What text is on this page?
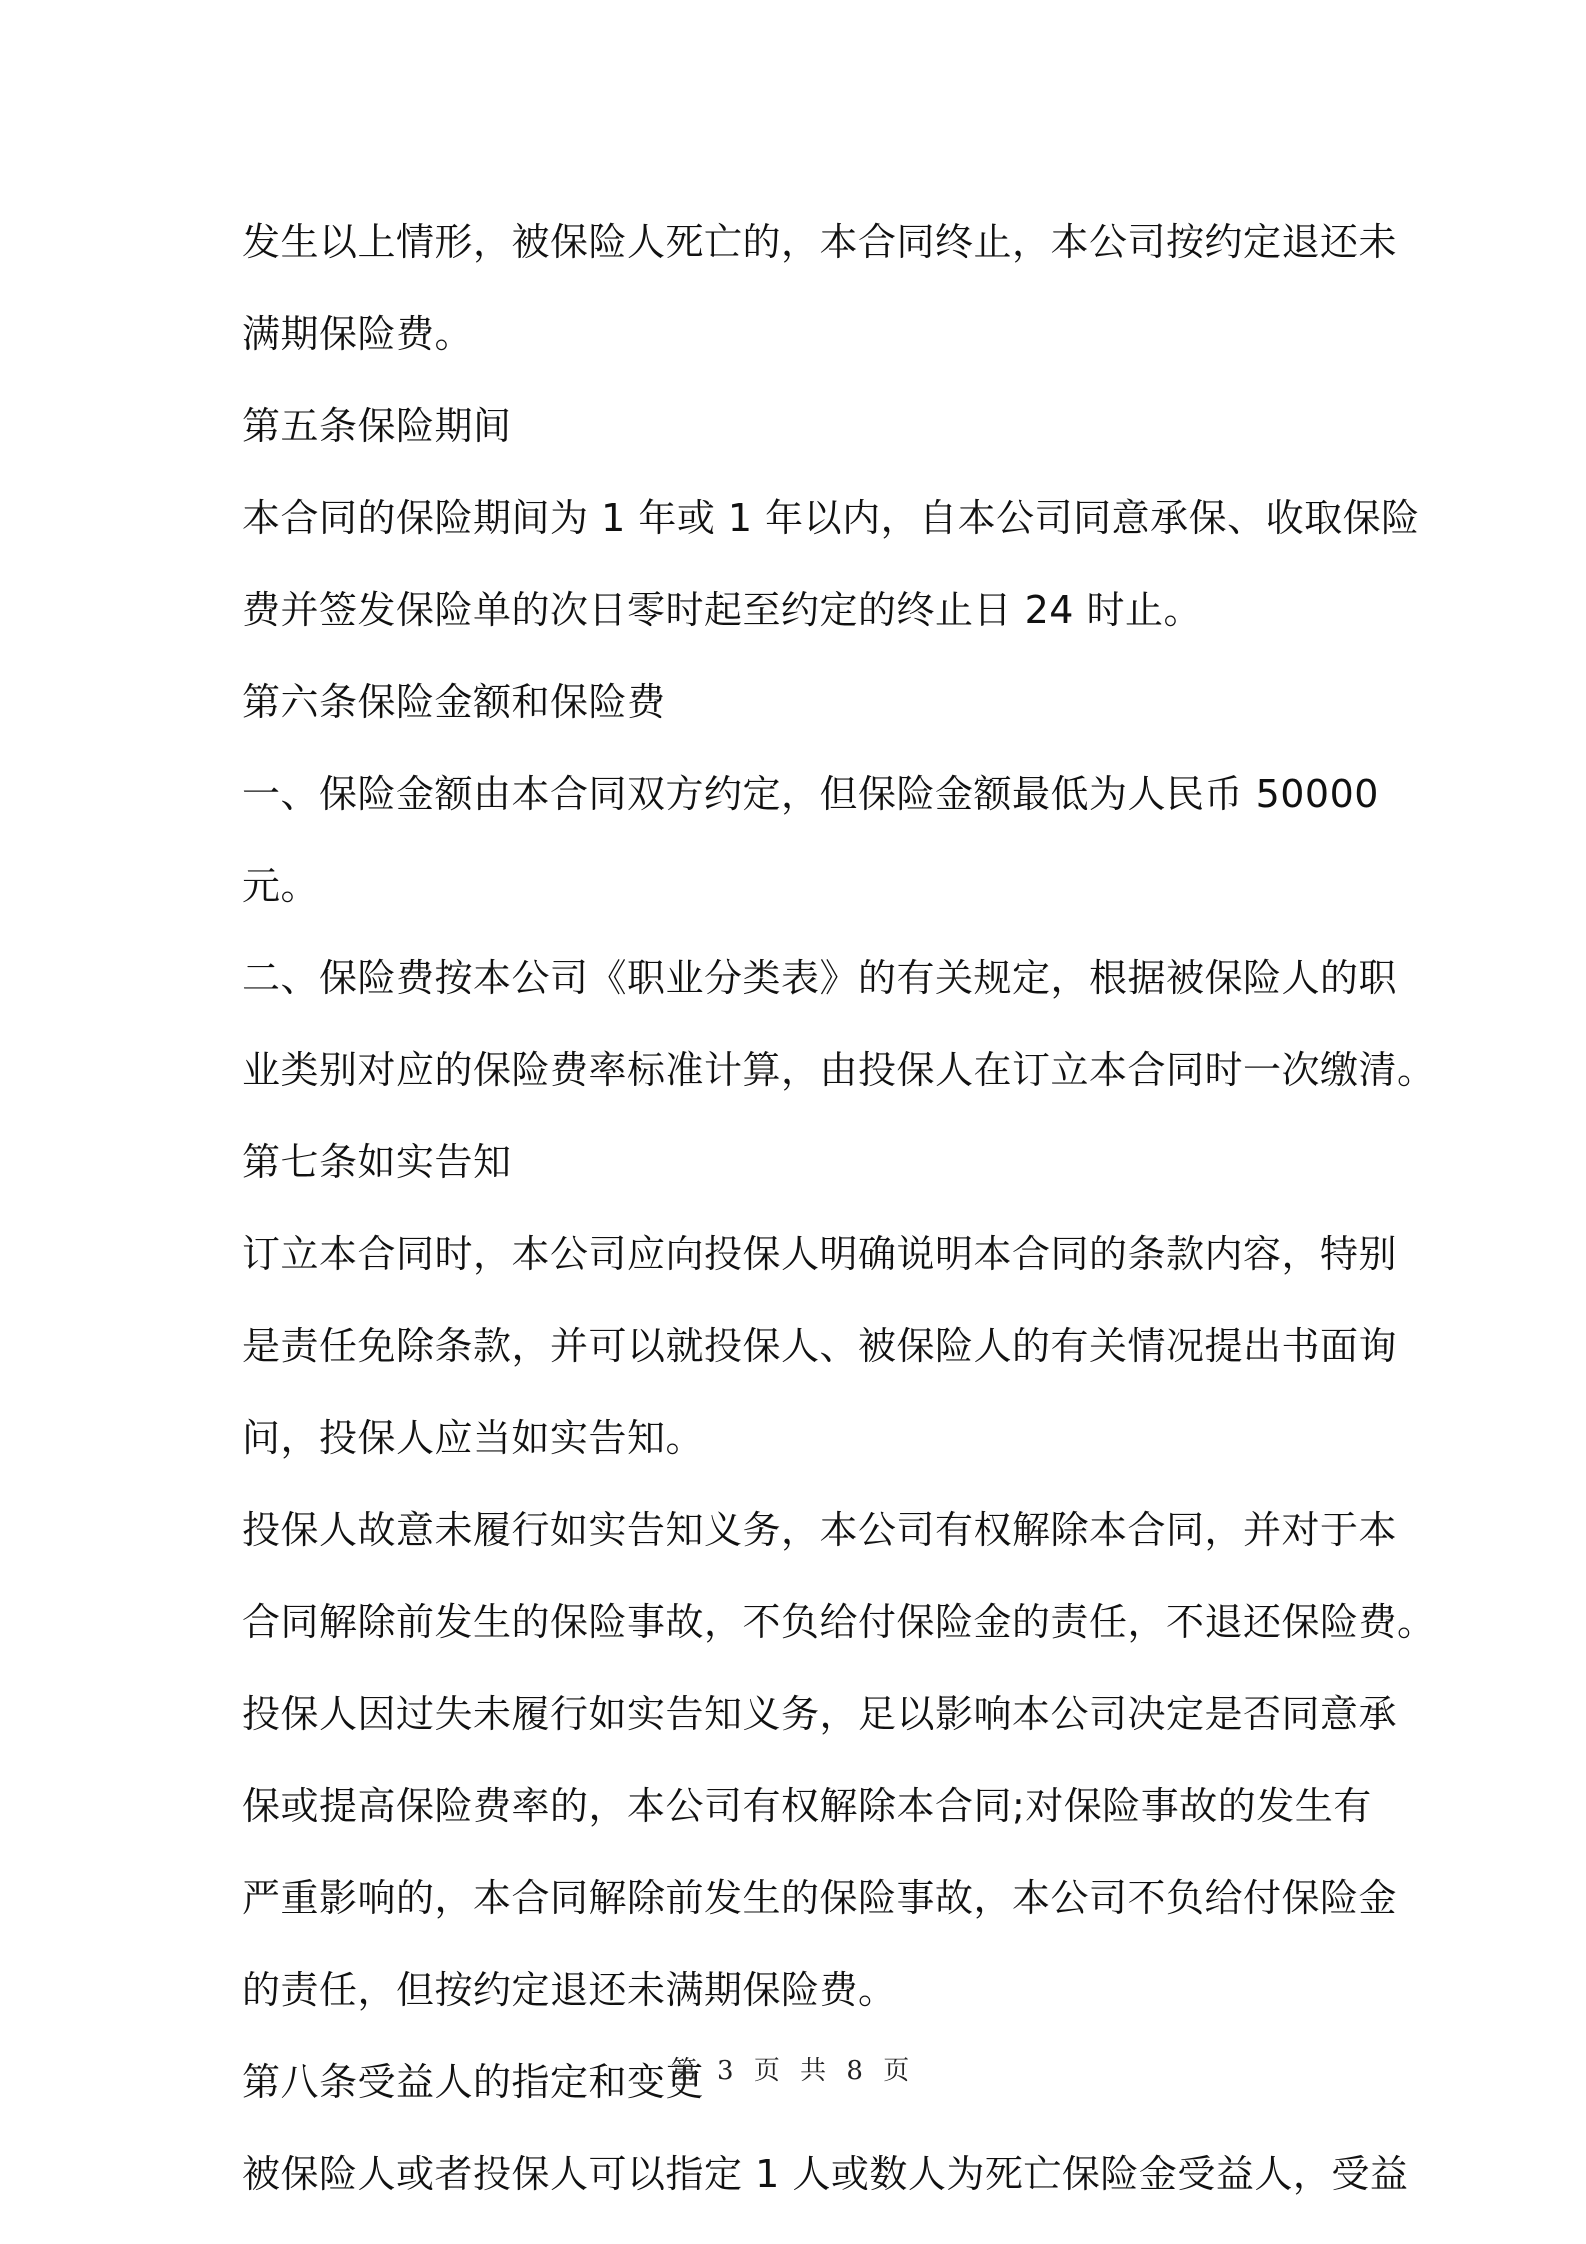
发生以上情形，被保险人死亡的，本合同终止，本公司按约定退还未
满期保险费。
第五条保险期间
本合同的保险期间为 1 年或 1 年以内，自本公司同意承保、收取保险
费并签发保险单的次日零时起至约定的终止日 24 时止。
第六条保险金额和保险费
一、保险金额由本合同双方约定，但保险金额最低为人民币 50000
元。
二、保险费按本公司《职业分类表》的有关规定，根据被保险人的职
业类别对应的保险费率标准计算，由投保人在订立本合同时一次缴清。
第七条如实告知
订立本合同时，本公司应向投保人明确说明本合同的条款内容，特别
是责任免除条款，并可以就投保人、被保险人的有关情况提出书面询
问，投保人应当如实告知。
投保人故意未履行如实告知义务，本公司有权解除本合同，并对于本
合同解除前发生的保险事故，不负给付保险金的责任，不退还保险费。
投保人因过失未履行如实告知义务，足以影响本公司决定是否同意承
保或提高保险费率的，本公司有权解除本合同;对保险事故的发生有
严重影响的，本合同解除前发生的保险事故，本公司不负给付保险金
的责任，但按约定退还未满期保险费。
第八条受益人的指定和变更
被保险人或者投保人可以指定 1 人或数人为死亡保险金受益人，受益
第 3 页 共 8 页
